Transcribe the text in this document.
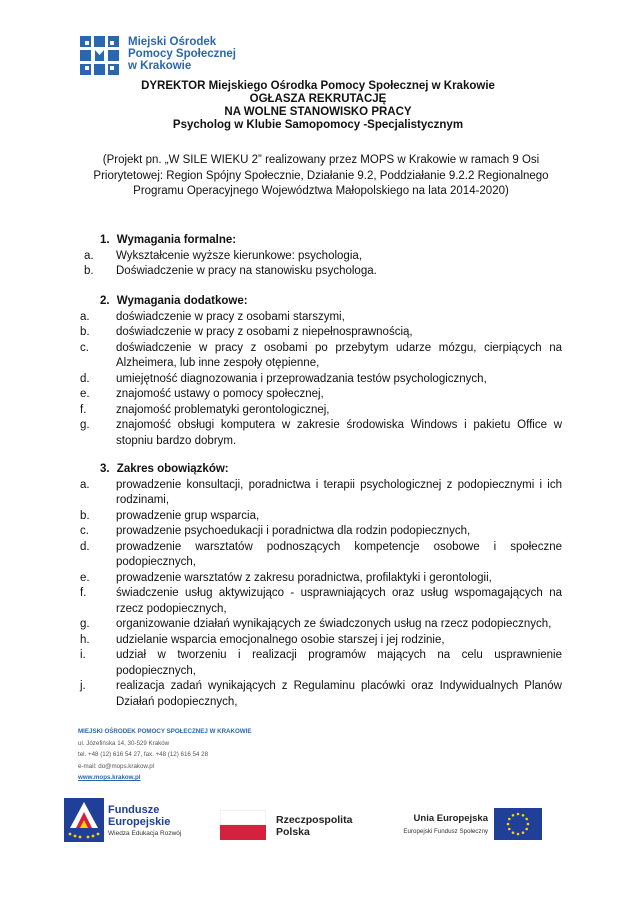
Miejski Ośrodek
Pomocy Społecznej
w Krakowie
DYREKTOR Miejskiego Ośrodka Pomocy Społecznej w Krakowie
OGŁASZA REKRUTACJĘ
NA WOLNE STANOWISKO PRACY
Psycholog w Klubie Samopomocy -Specjalistycznym
(Projekt pn. „W SILE WIEKU 2” realizowany przez MOPS w Krakowie w ramach 9 Osi Priorytetowej: Region Spójny Społecznie, Działanie 9.2, Poddziałanie 9.2.2 Regionalnego Programu Operacyjnego Województwa Małopolskiego na lata 2014-2020)
1. Wymagania formalne:
a.	Wykształcenie wyższe kierunkowe: psychologia,
b.	Doświadczenie w pracy na stanowisku psychologa.
2. Wymagania dodatkowe:
a.	doświadczenie w pracy z osobami starszymi,
b.	doświadczenie w pracy z osobami z niepełnosprawnością,
c.	doświadczenie w pracy z osobami po przebytym udarze mózgu, cierpiących na Alzheimera, lub inne zespoły otępienne,
d.	umiejętność diagnozowania i przeprowadzania testów psychologicznych,
e.	znajomość ustawy o pomocy społecznej,
f.	znajomość problematyki gerontologicznej,
g.	znajomość obsługi komputera w zakresie środowiska Windows i pakietu Office w stopniu bardzo dobrym.
3. Zakres obowiązków:
a.	prowadzenie konsultacji, poradnictwa i terapii psychologicznej z podopiecznymi i ich rodzinami,
b.	prowadzenie grup wsparcia,
c.	prowadzenie psychoedukacji i poradnictwa dla rodzin podopiecznych,
d.	prowadzenie warsztatów podnoszących kompetencje osobowe i społeczne podopiecznych,
e.	prowadzenie warsztatów z zakresu poradnictwa, profilaktyki i gerontologii,
f.	świadczenie usług aktywizująco - usprawniających oraz usług wspomagających na rzecz podopiecznych,
g.	organizowanie działań wynikających ze świadczonych usług na rzecz podopiecznych,
h.	udzielanie wsparcia emocjonalnego osobie starszej i jej rodzinie,
i.	udział w tworzeniu i realizacji programów mających na celu usprawnienie podopiecznych,
j.	realizacja zadań wynikających z Regulaminu placówki oraz Indywidualnych Planów Działań podopiecznych,
MIEJSKI OŚRODEK POMOCY SPOŁECZNEJ W KRAKOWIE
ul. Józefińska 14, 30-529 Kraków
tel. +48 (12) 616 54 27, fax. +48 (12) 616 54 28
e-mail: do@mops.krakow.pl
www.mops.krakow.pl
Fundusze
Europejskie
Wiedza Edukacja Rozwój
Rzeczpospolita
Polska
Unia Europejska
Europejski Fundusz Społeczny
